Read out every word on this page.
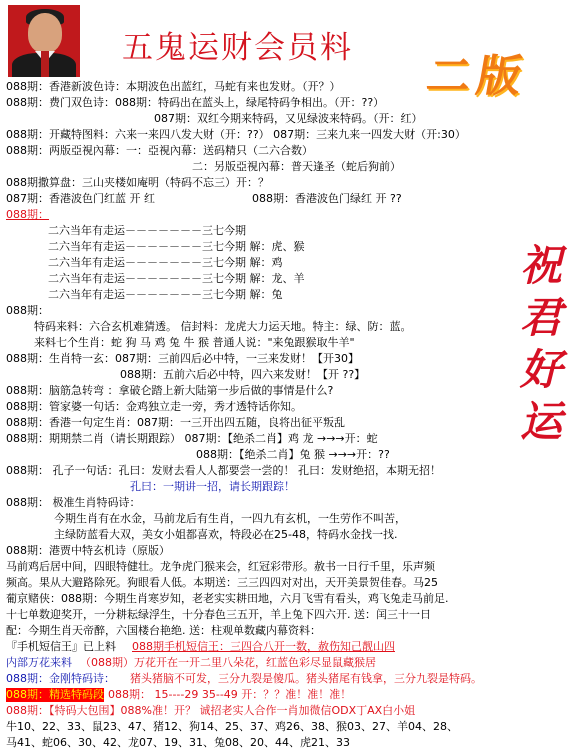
五鬼运财会员料
二版
祝君好运
088期：香港新波色诗：本期波色出蓝红，马蛇有来也发财。（开？）
088期：费门双色诗：088期：特码出在蓝头上，绿尾特码争相出。（开：??）
087期：双红今期来特码，又见绿波来特码。（开：红）
088期：开藏特图料：六来一来四八发大财（开：??） 087期：三来九来一四发大财（开:30）
088期：两版亞視內幕：一：亞視內幕：送码精只（二六合数）
二：另版亞視內幕：普天逢圣（蛇后狗前）
088期撒算盘：三山夹楼如庵明（特码不忘三）开：？
087期：香港波色门红蓝 开 红	088期：香港波色门绿红 开 ??
088期：
二六当年有走运－－－－－－－三七今期
二六当年有走运－－－－－－－三七今期 解：虎、猴
二六当年有走运－－－－－－－三七今期 解：鸡
二六当年有走运－－－－－－－三七今期 解：龙、羊
二六当年有走运－－－－－－－三七今期 解：兔
088期：
特码来料：六合玄机难猜透。 信封料：龙虎大力运天地。特主：绿、防：蓝。
来料七个生肖：蛇 狗 马 鸡 兔 牛 猴 普通人说："来兔跟猴取牛羊"
088期：生肖特一玄：087期：三前四后必中特，一三来发财！【开30】
088期：五前六后必中特，四六来发财！【开 ??】
088期：脑筋急转弯 ：拿破仑踏上新大陆第一步后做的事情是什么?
088期：管家婆一句话：金鸡独立走一旁，秀才透特话你知。
088期：香港一句定生肖：087期：一三开出四五随，良将出征平叛乱
088期：期期禁二肖（请长期跟踪） 087期：【绝杀二肖】鸡 龙 →→→开：蛇
088期：【绝杀二肖】兔 猴 →→→开：??
088期： 孔子一句话：孔曰：发财去看人人都要尝一尝的！ 孔曰：发财绝招，本期无招！
孔曰：一期讲一招，请长期跟踪！
088期： 极准生肖特码诗：
今期生肖有在水金，马前龙后有生肖，一四九有玄机，一生劳作不叫苦，
主绿防蓝看大双，美女小姐都喜欢，特段必在25-48，特码水金找一找.
088期：港贾中特玄机诗（原版）
马前鸡后居中间，四眼特健壮。龙争虎门猴来会，红冠彩带形。赦书一日行千里，乐声频
频高。果从大避路除死。狗眼看人低。本期送：三三四四对对出，天开美景贺佳春。马25
葡京赌侠：088期：今期生肖寒岁知，老老实实耕田地，六月飞雪有看头，鸡飞兔走马前足.
十七单数迎奖开，一分耕耘绿浮生，十分春色三五开，羊上兔下四六开. 送：闰三十一日
配：今期生肖天帝醉，六国楼台艳绝. 送：柱观单数藏内幕资料：
『手机短信王』已上料 088期手机短信王：三四合八开一数，赦伤知己靓山四
内部万花来料 （088期）万花开在一开二里八朵花，红蓝色彩尽显鼠藏猴居
088期：金刚特码诗： 猪头猪脑不可发，三分九裂是傻瓜。猪头猪尾有钱拿，三分九裂是特码。
088期：精选特码段 088期： 15----29 35--49 开：？？准！准！准！
088期：【特码大包围】088%准！开？ 诚招老实人合作一肖加微信ODX丁AX白小姐
牛10、22、33、鼠23、47、猪12、狗14、25、37、鸡26、38、猴03、27、羊04、28、
马41、蛇06、30、42、龙07、19、31、兔08、20、44、虎21、33
